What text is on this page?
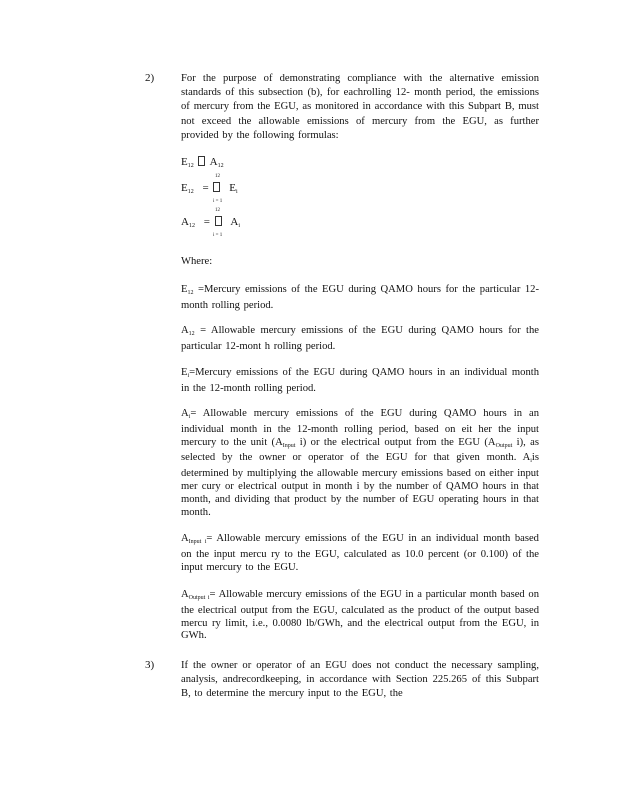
2)	For the purpose of demonstrating compliance with the alternative emission standards of this subsection (b), for eachrolling 12- month period, the emissions of mercury from the EGU, as monitored in accordance with this Subpart B, must not exceed the allowable emissions of mercury from the EGU, as further provided by the following formulas:

$E_{12}$ $A_{12}$
12
$E_{12} = E_i$
i = 1
12
$A_{12} = A_i$
i = 1
Where:
E12 =Mercury emissions of the EGU during QAMO hours for the particular 12-month rolling period.
A12 = Allowable mercury emissions of the EGU during QAMO hours for the particular 12-mont h rolling period.
Ei=Mercury emissions of the EGU during QAMO hours in an individual month in the 12-month rolling period.
Ai= Allowable mercury emissions of the EGU during QAMO hours in an individual month in the 12-month rolling period, based on eit her the input mercury to the unit (AInput i) or the electrical output from the EGU (AOutput i), as selected by the owner or operator of the EGU for that given month. Aiis determined by multiplying the allowable mercury emissions based on either input mer cury or electrical output in month i by the number of QAMO hours in that month, and dividing that product by the number of EGU operating hours in that month.
AInput i= Allowable mercury emissions of the EGU in an individual month based on the input mercu ry to the EGU, calculated as 10.0 percent (or 0.100) of the input mercury to the EGU.
AOutput i= Allowable mercury emissions of the EGU in a particular month based on the electrical output from the EGU, calculated as the product of the output based mercu ry limit, i.e., 0.0080 lb/GWh, and the electrical output from the EGU, in GWh.
3)	If the owner or operator of an EGU does not conduct the necessary sampling, analysis, andrecordkeeping, in accordance with Section 225.265 of this Subpart B, to determine the mercury input to the EGU, the
